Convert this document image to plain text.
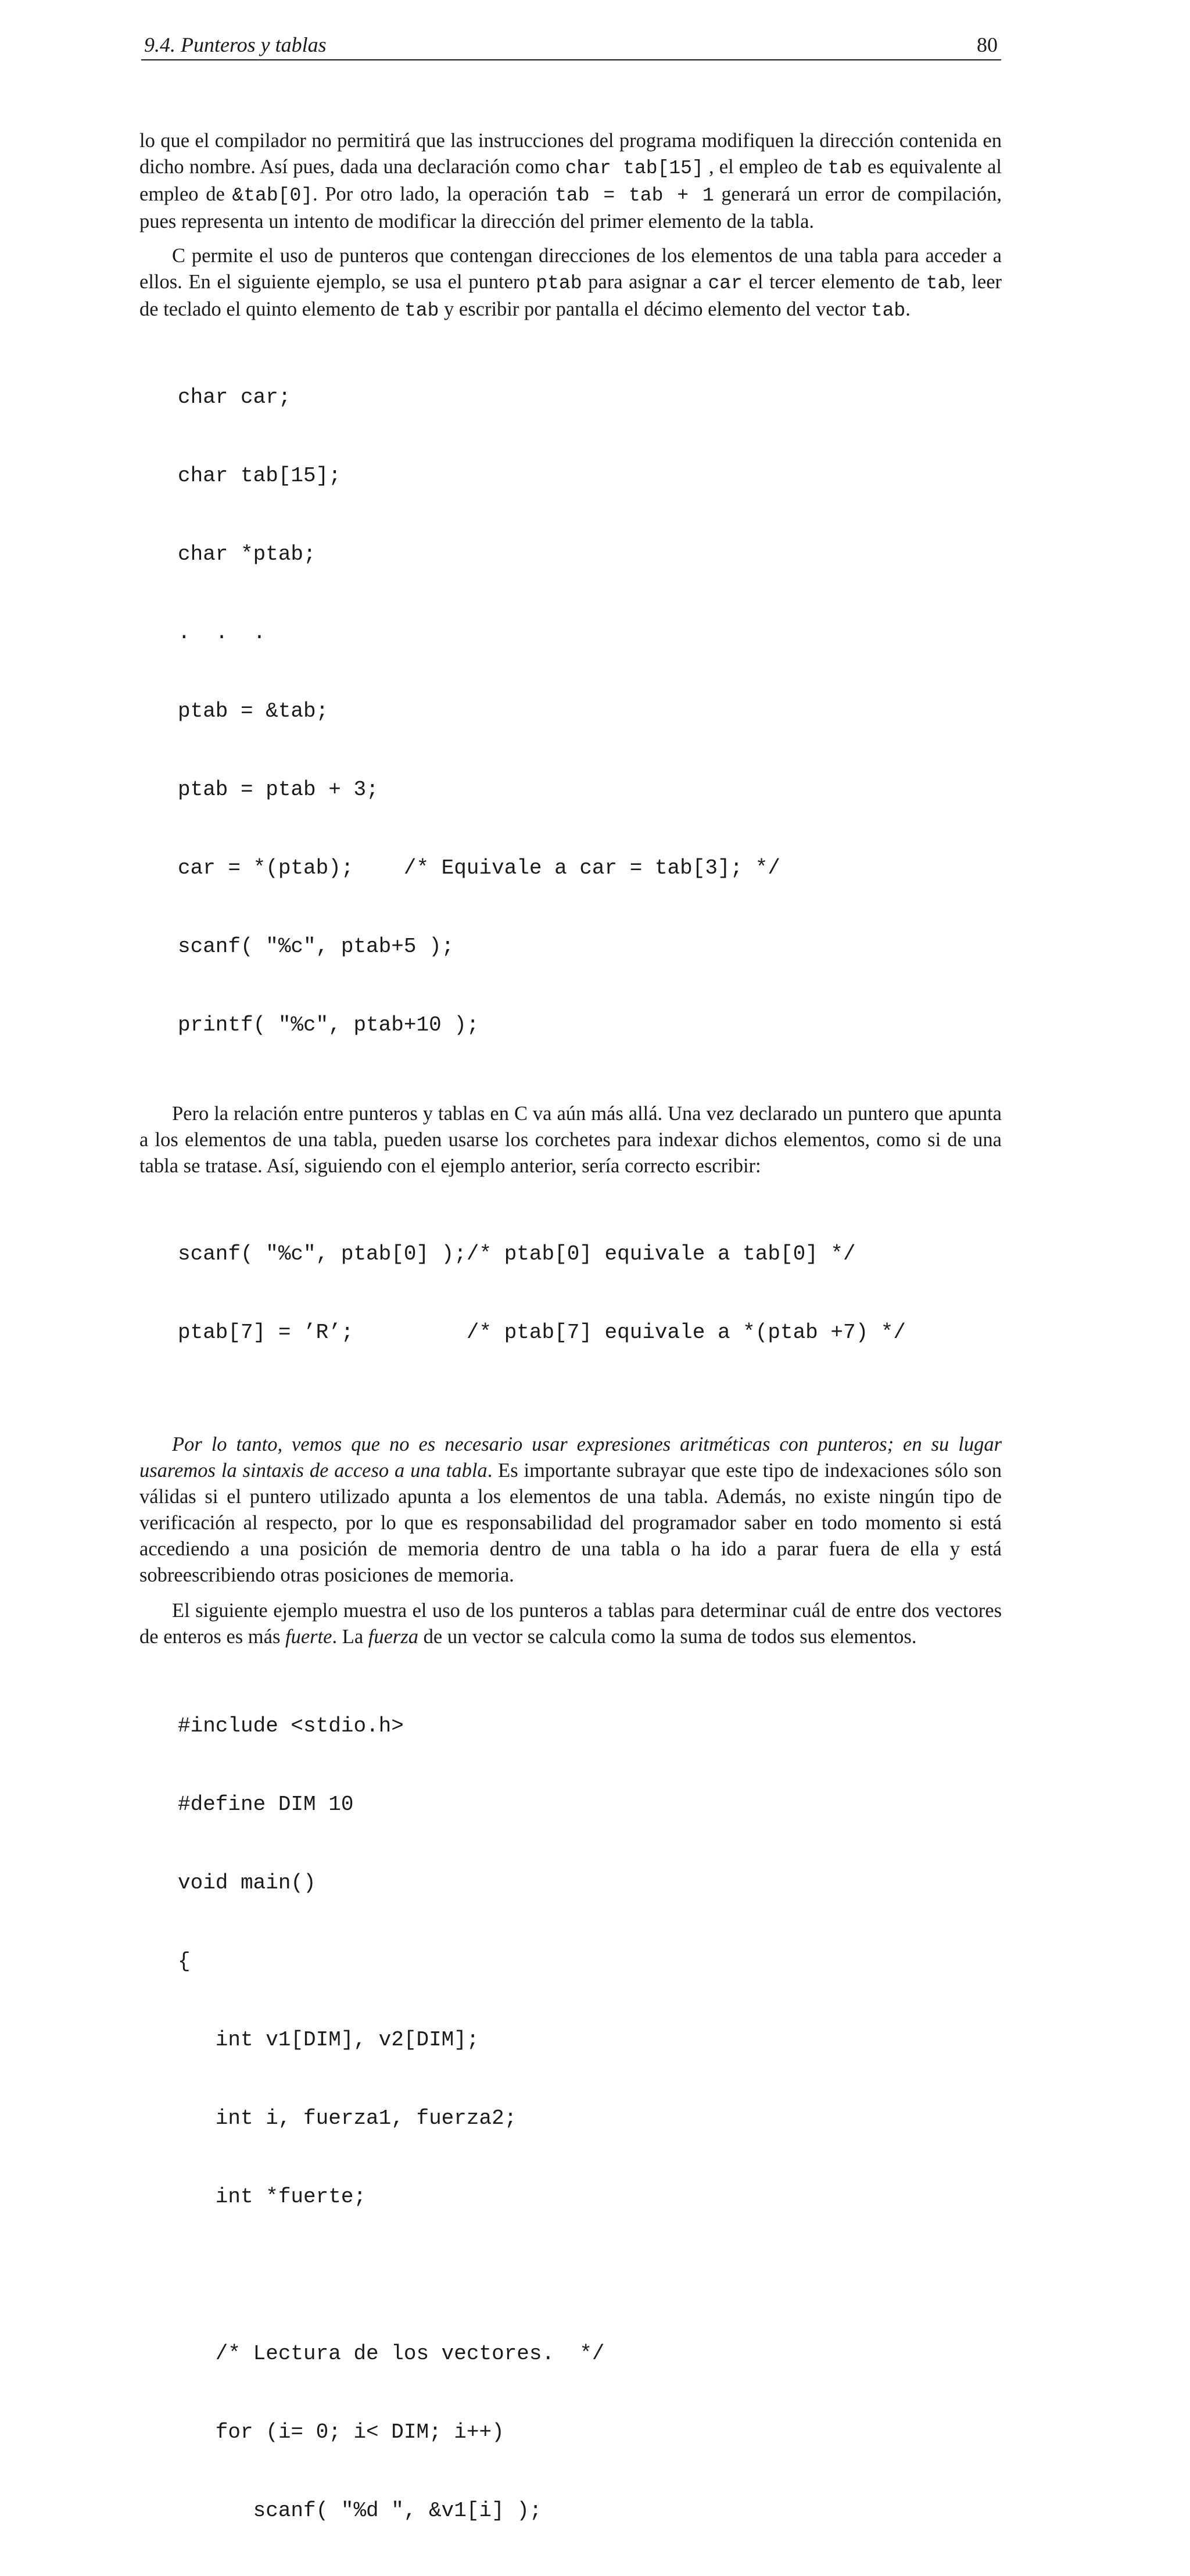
9.4. Punteros y tablas	80

lo que el compilador no permitirá que las instrucciones del programa modifiquen la dirección contenida en dicho nombre. Así pues, dada una declaración como char tab[15] , el empleo de tab es equivalente al empleo de &tab[0]. Por otro lado, la operación tab = tab + 1 generará un error de compilación, pues representa un intento de modificar la dirección del primer elemento de la tabla.

C permite el uso de punteros que contengan direcciones de los elementos de una tabla para acceder a ellos. En el siguiente ejemplo, se usa el puntero ptab para asignar a car el tercer elemento de tab, leer de teclado el quinto elemento de tab y escribir por pantalla el décimo elemento del vector tab.

char car;

char tab[15];

char *ptab;

.  .  .

ptab = &tab;

ptab = ptab + 3;

car = *(ptab);    /* Equivale a car = tab[3]; */

scanf( "%c", ptab+5 );

printf( "%c", ptab+10 );

Pero la relación entre punteros y tablas en C va aún más allá. Una vez declarado un puntero que apunta a los elementos de una tabla, pueden usarse los corchetes para indexar dichos elementos, como si de una tabla se tratase. Así, siguiendo con el ejemplo anterior, sería correcto escribir:

scanf( "%c", ptab[0] );/* ptab[0] equivale a tab[0] */

ptab[7] = ’R’;         /* ptab[7] equivale a *(ptab +7) */

Por lo tanto, vemos que no es necesario usar expresiones aritméticas con punteros; en su lugar usaremos la sintaxis de acceso a una tabla. Es importante subrayar que este tipo de indexaciones sólo son válidas si el puntero utilizado apunta a los elementos de una tabla. Además, no existe ningún tipo de verificación al respecto, por lo que es responsabilidad del programador saber en todo momento si está accediendo a una posición de memoria dentro de una tabla o ha ido a parar fuera de ella y está sobreescribiendo otras posiciones de memoria.

El siguiente ejemplo muestra el uso de los punteros a tablas para determinar cuál de entre dos vectores de enteros es más fuerte. La fuerza de un vector se calcula como la suma de todos sus elementos.

#include <stdio.h>

#define DIM 10

void main()

{

int v1[DIM], v2[DIM];

int i, fuerza1, fuerza2;

int *fuerte;

/* Lectura de los vectores.  */

for (i= 0; i< DIM; i++)

scanf( "%d ", &v1[i] );
